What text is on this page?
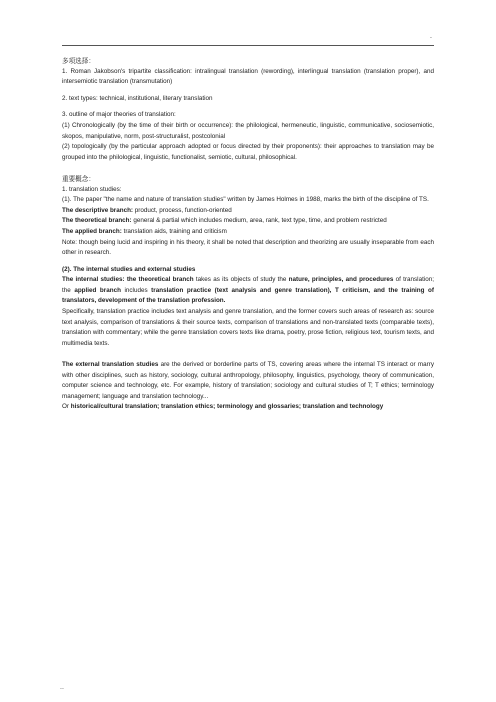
.

多项选择：

1. Roman Jakobson's tripartite classification: intralingual translation (rewording), interlingual translation (translation proper), and intersemiotic translation (transmutation)

2. text types: technical, institutional, literary translation

3. outline of major theories of translation:

(1) Chronologically (by the time of their birth or occurrence): the philological, hermeneutic, linguistic, communicative, sociosemiotic, skopos, manipulative, norm, post-structuralist, postcolonial

(2) topologically (by the particular approach adopted or focus directed by their proponents): their approaches to translation may be grouped into the philological, linguistic, functionalist, semiotic, cultural, philosophical.

重要概念：

1. translation studies:

(1). The paper "the name and nature of translation studies" written by James Holmes in 1988, marks the birth of the discipline of TS.

The descriptive branch: product, process, function-oriented

The theoretical branch: general & partial which includes medium, area, rank, text type, time, and problem restricted

The applied branch: translation aids, training and criticism

Note: though being lucid and inspiring in his theory, it shall be noted that description and theorizing are usually inseparable from each other in research.

(2). The internal studies and external studies

The internal studies: the theoretical branch takes as its objects of study the nature, principles, and procedures of translation; the applied branch includes translation practice (text analysis and genre translation), T criticism, and the training of translators, development of the translation profession.

Specifically, translation practice includes text analysis and genre translation, and the former covers such areas of research as: source text analysis, comparison of translations & their source texts, comparison of translations and non-translated texts (comparable texts), translation with commentary; while the genre translation covers texts like drama, poetry, prose fiction, religious text, tourism texts, and multimedia texts.

The external translation studies are the derived or borderline parts of TS, covering areas where the internal TS interact or marry with other disciplines, such as history, sociology, cultural anthropology, philosophy, linguistics, psychology, theory of communication, computer science and technology, etc. For example, history of translation; sociology and cultural studies of T; T ethics; terminology management; language and translation technology...

Or historical/cultural translation; translation ethics; terminology and glossaries; translation and technology

..
